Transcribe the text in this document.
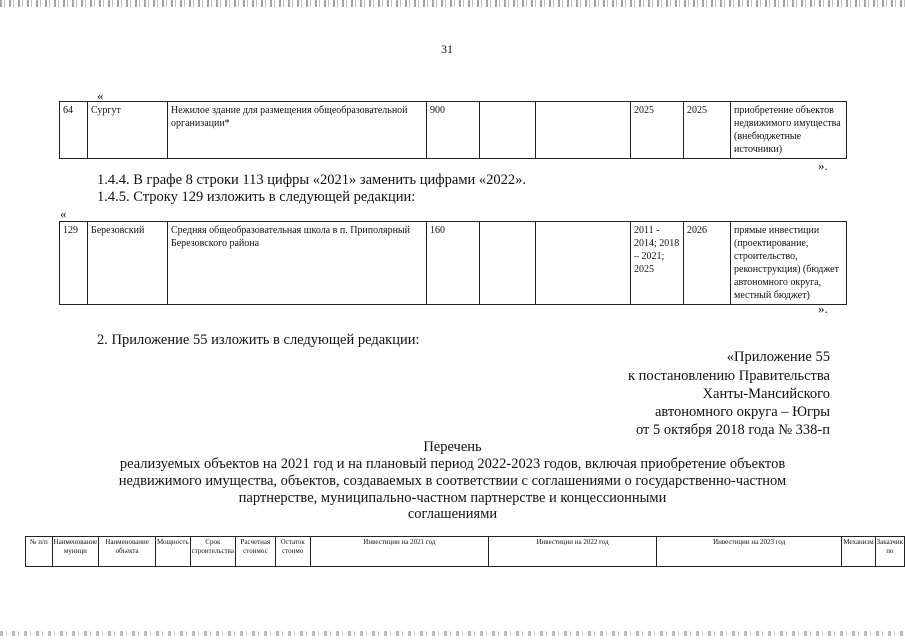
31
«
64	Сургут	Нежилое здание для размещения общеобразовательной организации*	900			2025	2025	приобретение объектов недвижимого имущества (внебюджетные источники)
».
1.4.4. В графе 8 строки 113 цифры «2021» заменить цифрами «2022».
1.4.5. Строку 129 изложить в следующей редакции:
«
129	Березовский	Средняя общеобразовательная школа в п. Приполярный Березовского района	160			2011 - 2014; 2018 – 2021; 2025	2026	прямые инвестиции (проектирование, строительство, реконструкция) (бюджет автономного округа, местный бюджет)
».
2. Приложение 55 изложить в следующей редакции:
«Приложение 55
к постановлению Правительства
Ханты-Мансийского
автономного округа – Югры
от 5 октября 2018 года № 338-п
Перечень
реализуемых объектов на 2021 год и на плановый период 2022-2023 годов, включая приобретение объектов
недвижимого имущества, объектов, создаваемых в соответствии с соглашениями о государственно-частном
партнерстве, муниципально-частном партнерстве и концессионными
соглашениями
№ п/п	Наименование муници	Наименование объекта	Мощность	Срок строительства	Расчетная стоимос	Остаток стоимо	Инвестиции на 2021 год	Инвестиции на 2022 год	Инвестиции на 2023 год	Механизм	Заказчик по
